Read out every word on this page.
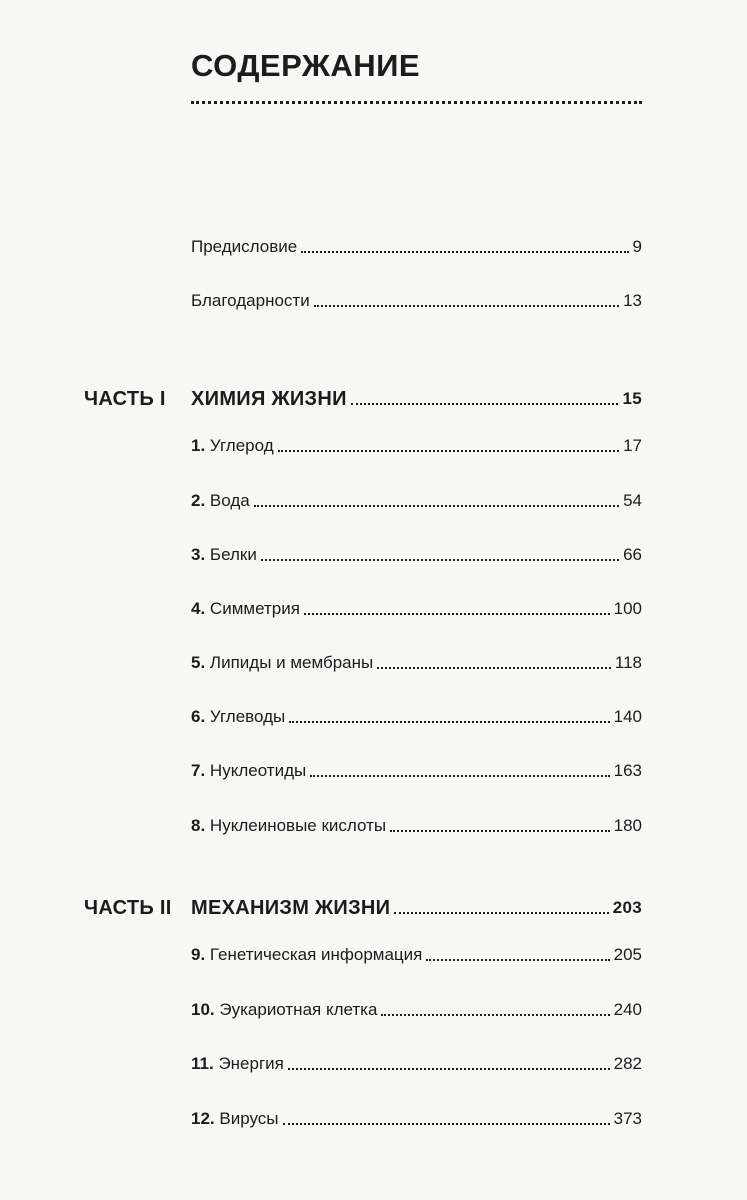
СОДЕРЖАНИЕ
Предисловие	9
Благодарности	13
ЧАСТЬ I ХИМИЯ ЖИЗНИ	15
1. Углерод	17
2. Вода	54
3. Белки	66
4. Симметрия	100
5. Липиды и мембраны	118
6. Углеводы	140
7. Нуклеотиды	163
8. Нуклеиновые кислоты	180
ЧАСТЬ II МЕХАНИЗМ ЖИЗНИ	203
9. Генетическая информация	205
10. Эукариотная клетка	240
11. Энергия	282
12. Вирусы	373
